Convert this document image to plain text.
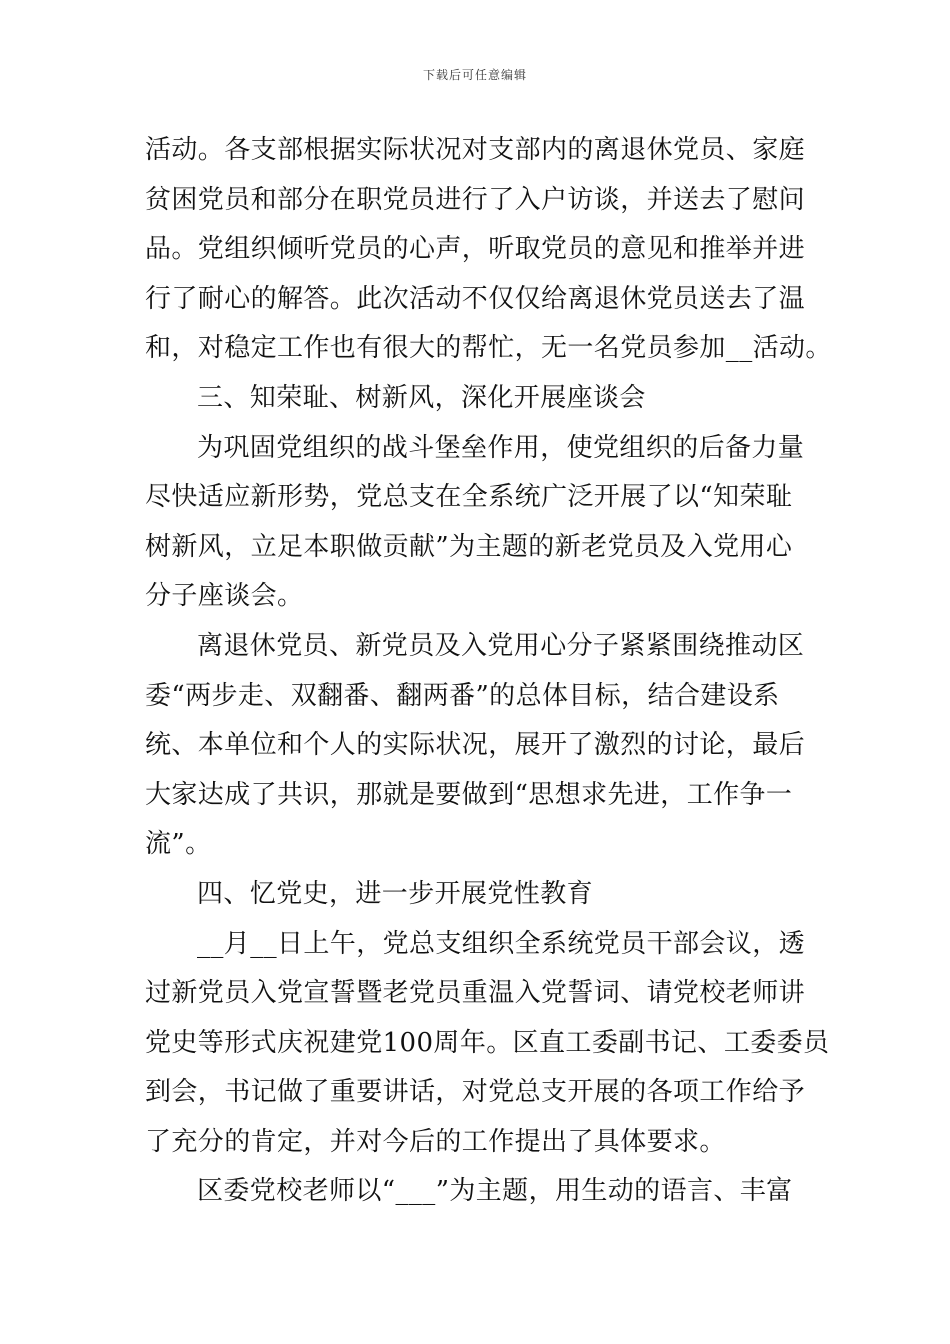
下载后可任意编辑
活动。各支部根据实际状况对支部内的离退休党员、家庭
贫困党员和部分在职党员进行了入户访谈，并送去了慰问
品。党组织倾听党员的心声，听取党员的意见和推举并进
行了耐心的解答。此次活动不仅仅给离退休党员送去了温
和，对稳定工作也有很大的帮忙，无一名党员参加__活动。
三、知荣耻、树新风，深化开展座谈会
为巩固党组织的战斗堡垒作用，使党组织的后备力量
尽快适应新形势，党总支在全系统广泛开展了以“知荣耻
树新风，立足本职做贡献”为主题的新老党员及入党用心
分子座谈会。
离退休党员、新党员及入党用心分子紧紧围绕推动区
委“两步走、双翻番、翻两番”的总体目标，结合建设系
统、本单位和个人的实际状况，展开了激烈的讨论，最后
大家达成了共识，那就是要做到“思想求先进，工作争一
流”。
四、忆党史，进一步开展党性教育
__月__日上午，党总支组织全系统党员干部会议，透
过新党员入党宣誓暨老党员重温入党誓词、请党校老师讲
党史等形式庆祝建党100周年。区直工委副书记、工委委员
到会，书记做了重要讲话，对党总支开展的各项工作给予
了充分的肯定，并对今后的工作提出了具体要求。
区委党校老师以“___”为主题，用生动的语言、丰富
